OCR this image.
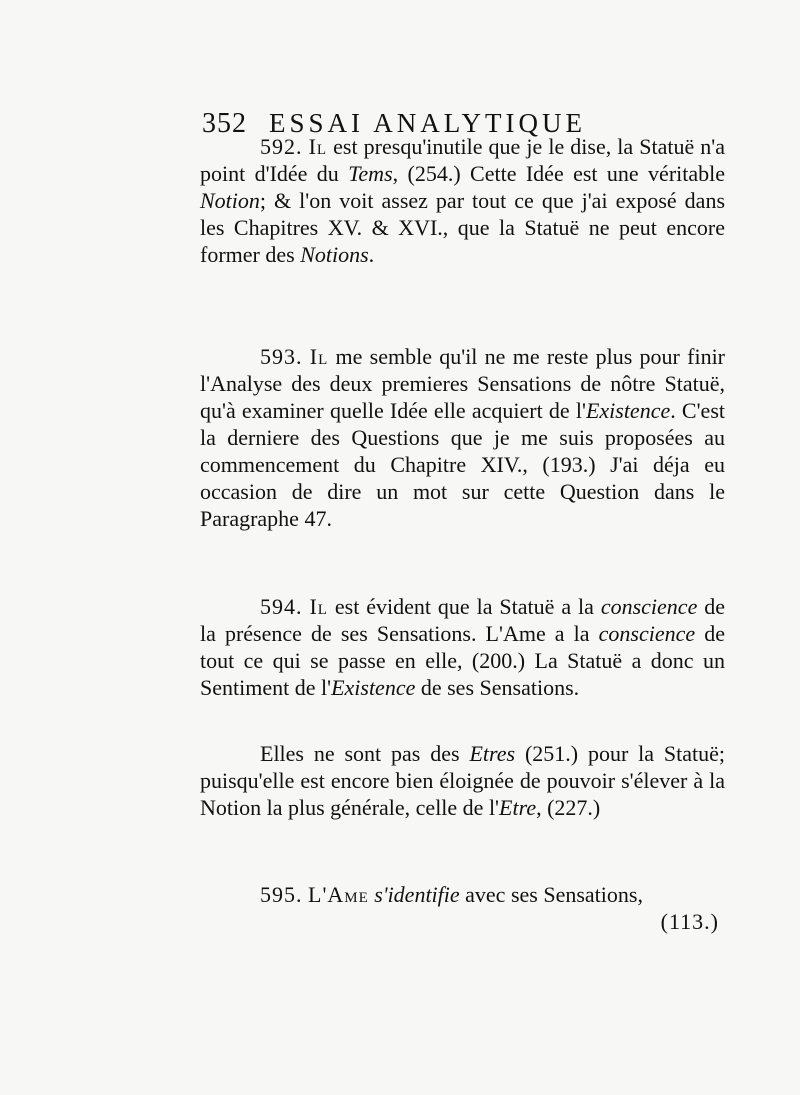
352 ESSAI ANALYTIQUE

592. Il est presqu'inutile que je le dise, la Statuë n'a point d'Idée du Tems, (254.) Cette Idée est une véritable Notion; & l'on voit assez par tout ce que j'ai exposé dans les Chapitres XV. & XVI., que la Statuë ne peut encore former des Notions.

593. Il me semble qu'il ne me reste plus pour finir l'Analyse des deux premieres Sensations de nôtre Statuë, qu'à examiner quelle Idée elle acquiert de l'Existence. C'est la derniere des Questions que je me suis proposées au commencement du Chapitre XIV., (193.) J'ai déja eu occasion de dire un mot sur cette Question dans le Paragraphe 47.

594. Il est évident que la Statuë a la conscience de la présence de ses Sensations. L'Ame a la conscience de tout ce qui se passe en elle, (200.) La Statuë a donc un Sentiment de l'Existence de ses Sensations.

Elles ne sont pas des Etres (251.) pour la Statuë; puisqu'elle est encore bien éloignée de pouvoir s'élever à la Notion la plus générale, celle de l'Etre, (227.)

595. L'Ame s'identifie avec ses Sensations,
(113.)
